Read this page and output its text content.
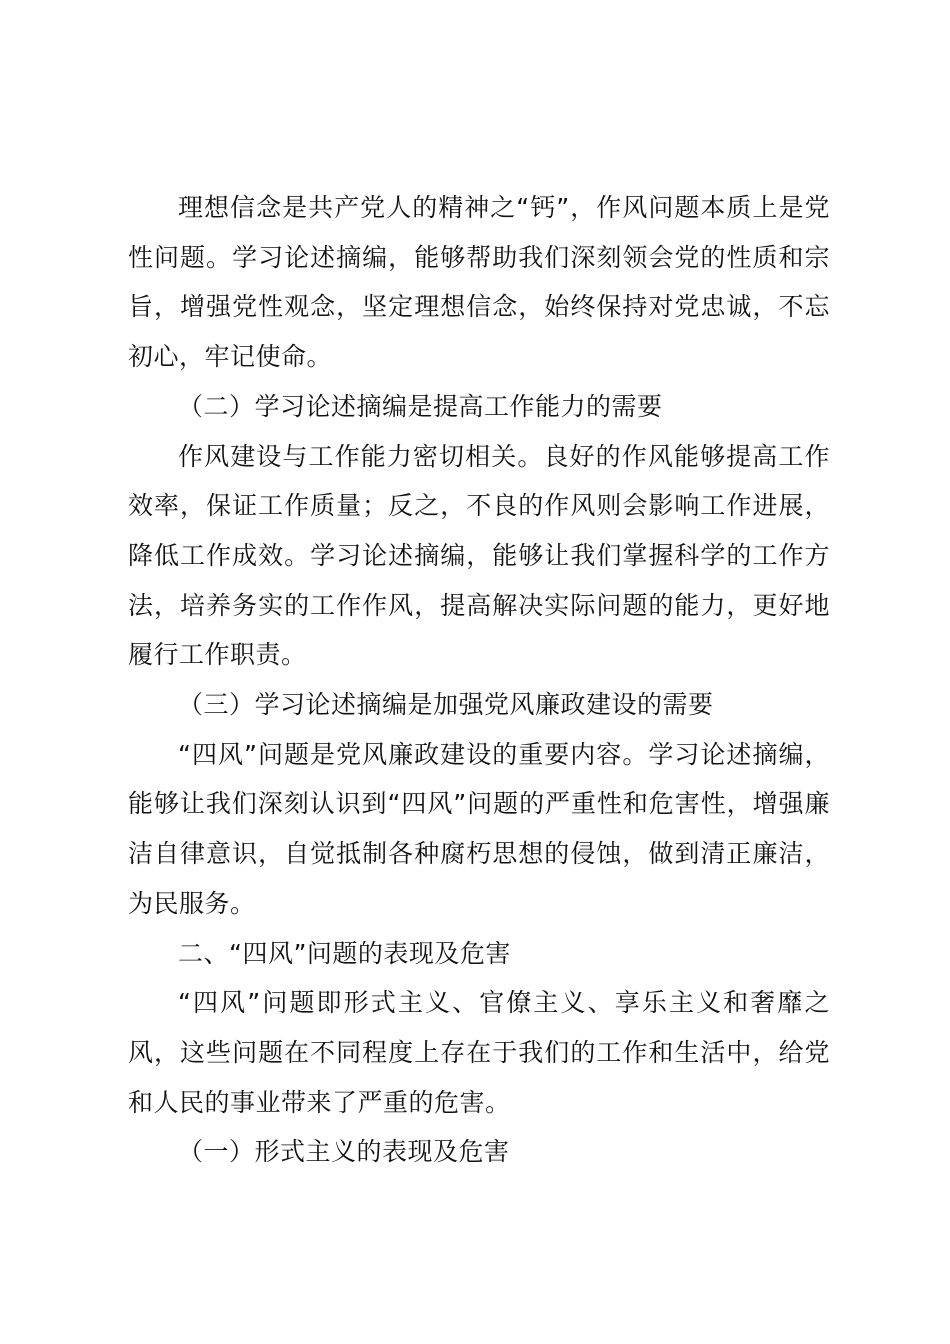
理想信念是共产党人的精神之“钙”，作风问题本质上是党性问题。学习论述摘编，能够帮助我们深刻领会党的性质和宗旨，增强党性观念，坚定理想信念，始终保持对党忠诚，不忘初心，牢记使命。

（二）学习论述摘编是提高工作能力的需要

作风建设与工作能力密切相关。良好的作风能够提高工作效率，保证工作质量；反之，不良的作风则会影响工作进展，降低工作成效。学习论述摘编，能够让我们掌握科学的工作方法，培养务实的工作作风，提高解决实际问题的能力，更好地履行工作职责。

（三）学习论述摘编是加强党风廉政建设的需要

“四风”问题是党风廉政建设的重要内容。学习论述摘编，能够让我们深刻认识到“四风”问题的严重性和危害性，增强廉洁自律意识，自觉抵制各种腐朽思想的侵蚀，做到清正廉洁，为民服务。

二、“四风”问题的表现及危害

“四风”问题即形式主义、官僚主义、享乐主义和奢靡之风，这些问题在不同程度上存在于我们的工作和生活中，给党和人民的事业带来了严重的危害。

（一）形式主义的表现及危害
